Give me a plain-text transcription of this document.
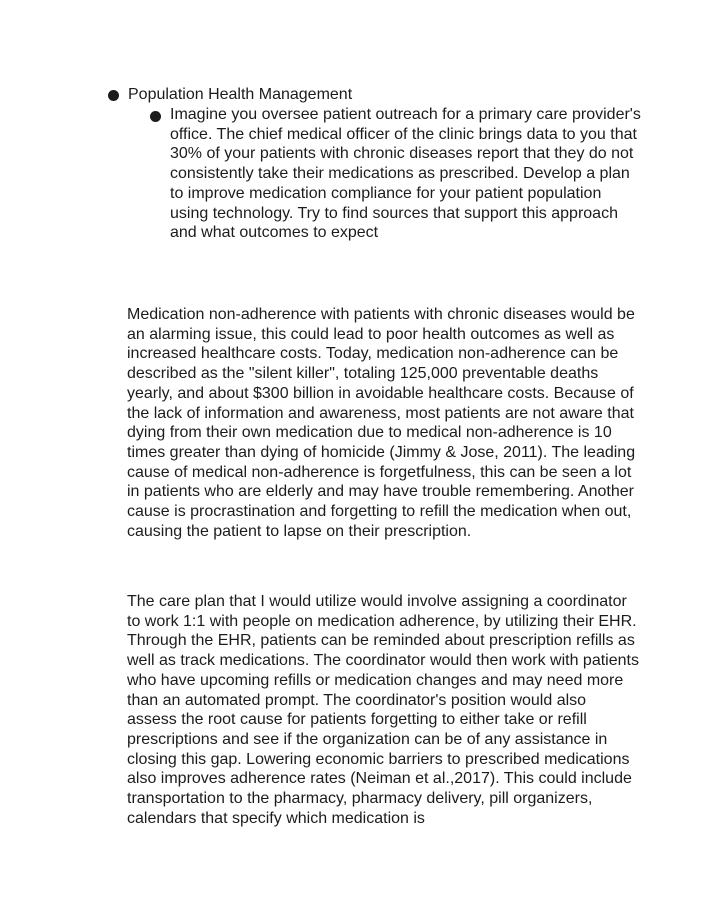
Population Health Management
Imagine you oversee patient outreach for a primary care provider's office. The chief medical officer of the clinic brings data to you that 30% of your patients with chronic diseases report that they do not consistently take their medications as prescribed. Develop a plan to improve medication compliance for your patient population using technology. Try to find sources that support this approach and what outcomes to expect

Medication non-adherence with patients with chronic diseases would be an alarming issue, this could lead to poor health outcomes as well as increased healthcare costs. Today, medication non-adherence can be described as the "silent killer", totaling 125,000 preventable deaths yearly, and about $300 billion in avoidable healthcare costs. Because of the lack of information and awareness, most patients are not aware that dying from their own medication due to medical non-adherence is 10 times greater than dying of homicide (Jimmy & Jose, 2011). The leading cause of medical non-adherence is forgetfulness, this can be seen a lot in patients who are elderly and may have trouble remembering. Another cause is procrastination and forgetting to refill the medication when out, causing the patient to lapse on their prescription.

The care plan that I would utilize would involve assigning a coordinator to work 1:1 with people on medication adherence, by utilizing their EHR. Through the EHR, patients can be reminded about prescription refills as well as track medications. The coordinator would then work with patients who have upcoming refills or medication changes and may need more than an automated prompt. The coordinator's position would also assess the root cause for patients forgetting to either take or refill prescriptions and see if the organization can be of any assistance in closing this gap. Lowering economic barriers to prescribed medications also improves adherence rates (Neiman et al.,2017). This could include transportation to the pharmacy, pharmacy delivery, pill organizers, calendars that specify which medication is
